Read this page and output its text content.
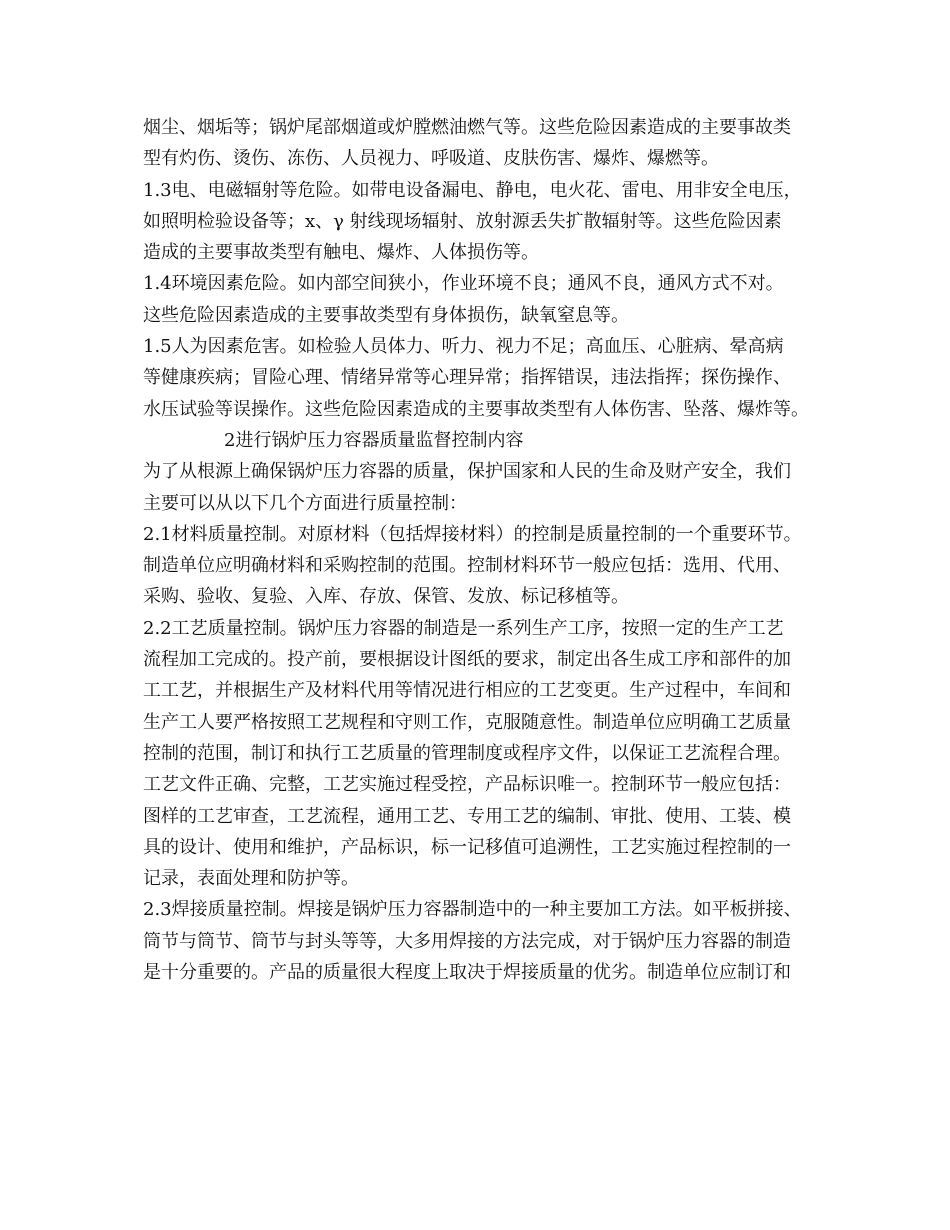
烟尘、烟垢等；锅炉尾部烟道或炉膛燃油燃气等。这些危险因素造成的主要事故类
型有灼伤、烫伤、冻伤、人员视力、呼吸道、皮肤伤害、爆炸、爆燃等。
1.3电、电磁辐射等危险。如带电设备漏电、静电，电火花、雷电、用非安全电压，
如照明检验设备等；x、γ 射线现场辐射、放射源丢失扩散辐射等。这些危险因素
造成的主要事故类型有触电、爆炸、人体损伤等。
1.4环境因素危险。如内部空间狭小，作业环境不良；通风不良，通风方式不对。
这些危险因素造成的主要事故类型有身体损伤，缺氧窒息等。
1.5人为因素危害。如检验人员体力、听力、视力不足；高血压、心脏病、晕高病
等健康疾病；冒险心理、情绪异常等心理异常；指挥错误，违法指挥；探伤操作、
水压试验等误操作。这些危险因素造成的主要事故类型有人体伤害、坠落、爆炸等。
2进行锅炉压力容器质量监督控制内容
为了从根源上确保锅炉压力容器的质量，保护国家和人民的生命及财产安全，我们
主要可以从以下几个方面进行质量控制：
2.1材料质量控制。对原材料（包括焊接材料）的控制是质量控制的一个重要环节。
制造单位应明确材料和采购控制的范围。控制材料环节一般应包括：选用、代用、
采购、验收、复验、入库、存放、保管、发放、标记移植等。
2.2工艺质量控制。锅炉压力容器的制造是一系列生产工序，按照一定的生产工艺
流程加工完成的。投产前，要根据设计图纸的要求，制定出各生成工序和部件的加
工工艺，并根据生产及材料代用等情况进行相应的工艺变更。生产过程中，车间和
生产工人要严格按照工艺规程和守则工作，克服随意性。制造单位应明确工艺质量
控制的范围，制订和执行工艺质量的管理制度或程序文件，以保证工艺流程合理。
工艺文件正确、完整，工艺实施过程受控，产品标识唯一。控制环节一般应包括：
图样的工艺审查，工艺流程，通用工艺、专用工艺的编制、审批、使用、工装、模
具的设计、使用和维护，产品标识，标一记移值可追溯性，工艺实施过程控制的一
记录，表面处理和防护等。
2.3焊接质量控制。焊接是锅炉压力容器制造中的一种主要加工方法。如平板拼接、
筒节与筒节、筒节与封头等等，大多用焊接的方法完成，对于锅炉压力容器的制造
是十分重要的。产品的质量很大程度上取决于焊接质量的优劣。制造单位应制订和
